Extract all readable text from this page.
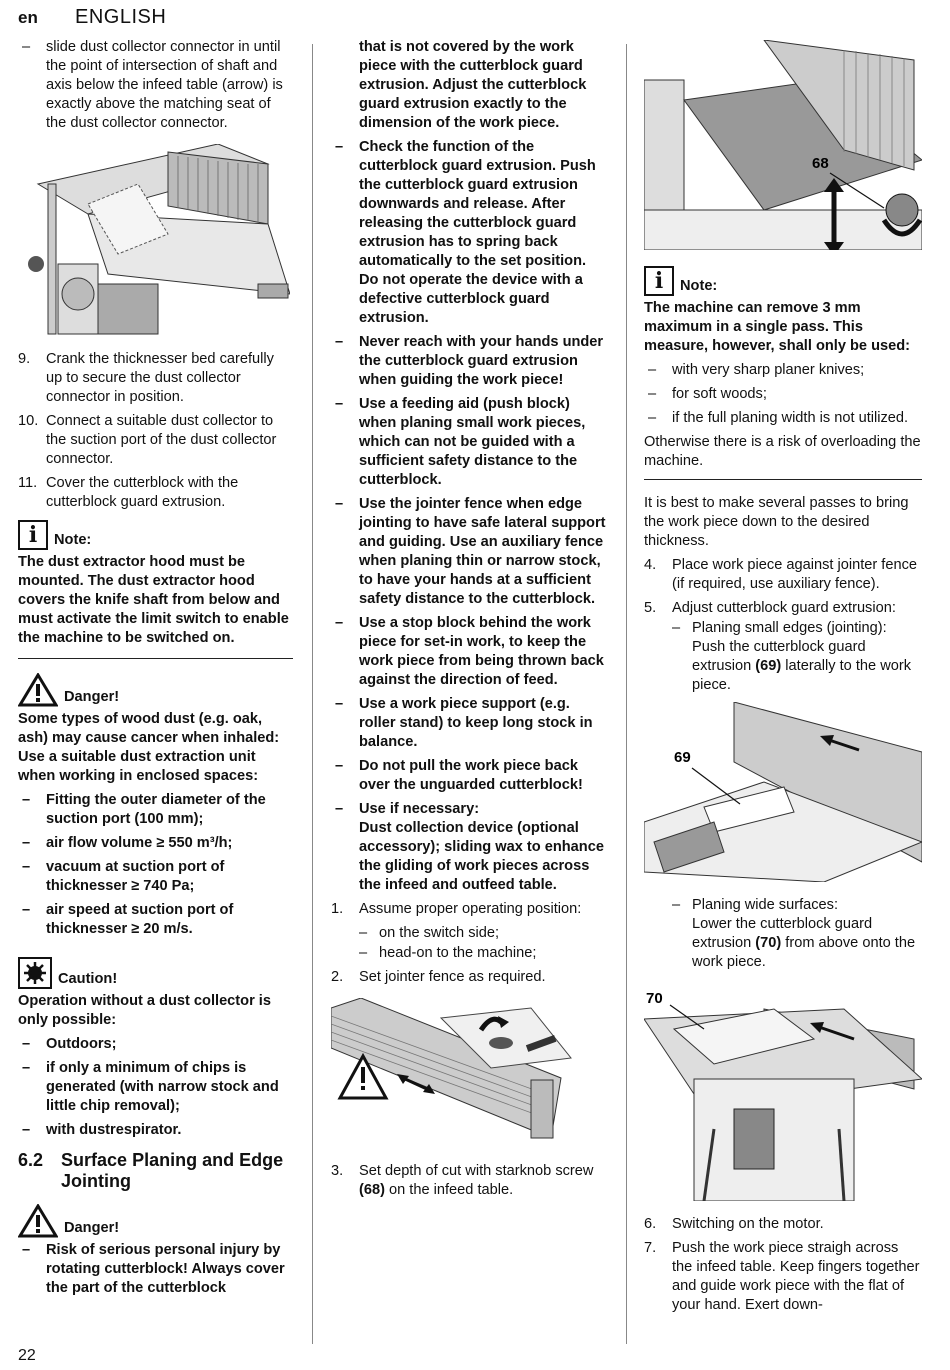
en ENGLISH
– slide dust collector connector in until the point of intersection of shaft and axis below the infeed table (arrow) is exactly above the matching seat of the dust collector connector.
9. Crank the thicknesser bed carefully up to secure the dust collector connector in position.
10. Connect a suitable dust collector to the suction port of the dust collector connector.
11. Cover the cutterblock with the cutterblock guard extrusion.
i	Note:

The dust extractor hood must be mounted. The dust extractor hood covers the knife shaft from below and must activate the limit switch to enable the machine to be switched on.

Danger!

Some types of wood dust (e.g. oak, ash) may cause cancer when inhaled: Use a suitable dust extraction unit when working in enclosed spaces:

– Fitting the outer diameter of the suction port (100 mm);
– air flow volume ≥ 550 m³/h;
– vacuum at suction port of thicknesser ≥ 740 Pa;
– air speed at suction port of thicknesser ≥ 20 m/s.
Caution!

Operation without a dust collector is only possible:

– Outdoors;
– if only a minimum of chips is generated (with narrow stock and little chip removal);
– with dustrespirator.
6.2 Surface Planing and Edge Jointing
Danger!
– Risk of serious personal injury by rotating cutterblock! Always cover the part of the cutterblock

that is not covered by the work piece with the cutterblock guard extrusion. Adjust the cutterblock guard extrusion exactly to the dimension of the work piece.

– Check the function of the cutterblock guard extrusion. Push the cutterblock guard extrusion downwards and release. After releasing the cutterblock guard extrusion has to spring back automatically to the set position. Do not operate the device with a defective cutterblock guard extrusion.
– Never reach with your hands under the cutterblock guard extrusion when guiding the work piece!
– Use a feeding aid (push block) when planing small work pieces, which can not be guided with a sufficient safety distance to the cutterblock.
– Use the jointer fence when edge jointing to have safe lateral support and guiding. Use an auxiliary fence when planing thin or narrow stock, to have your hands at a sufficient safety distance to the cutterblock.
– Use a stop block behind the work piece for set-in work, to keep the work piece from being thrown back against the direction of feed.
– Use a work piece support (e.g. roller stand) to keep long stock in balance.
– Do not pull the work piece back over the unguarded cutterblock!
– Use if necessary:
Dust collection device (optional accessory); sliding wax to enhance the gliding of work pieces across the infeed and outfeed table.
1. Assume proper operating position:
– on the switch side;
– head-on to the machine;
2. Set jointer fence as required.
3. Set depth of cut with starknob screw (68) on the infeed table.
68
i	Note:

The machine can remove 3 mm maximum in a single pass. This measure, however, shall only be used:

– with very sharp planer knives;
– for soft woods;
– if the full planing width is not utilized.

Otherwise there is a risk of overloading the machine.

It is best to make several passes to bring the work piece down to the desired thickness.

4. Place work piece against jointer fence (if required, use auxiliary fence).
5. Adjust cutterblock guard extrusion:
– Planing small edges (jointing):
Push the cutterblock guard extrusion (69) laterally to the work piece.
69
– Planing wide surfaces:
Lower the cutterblock guard extrusion (70) from above onto the work piece.
70
6. Switching on the motor.
7. Push the work piece straigh across the infeed table. Keep fingers together and guide work piece with the flat of your hand. Exert down-
22
